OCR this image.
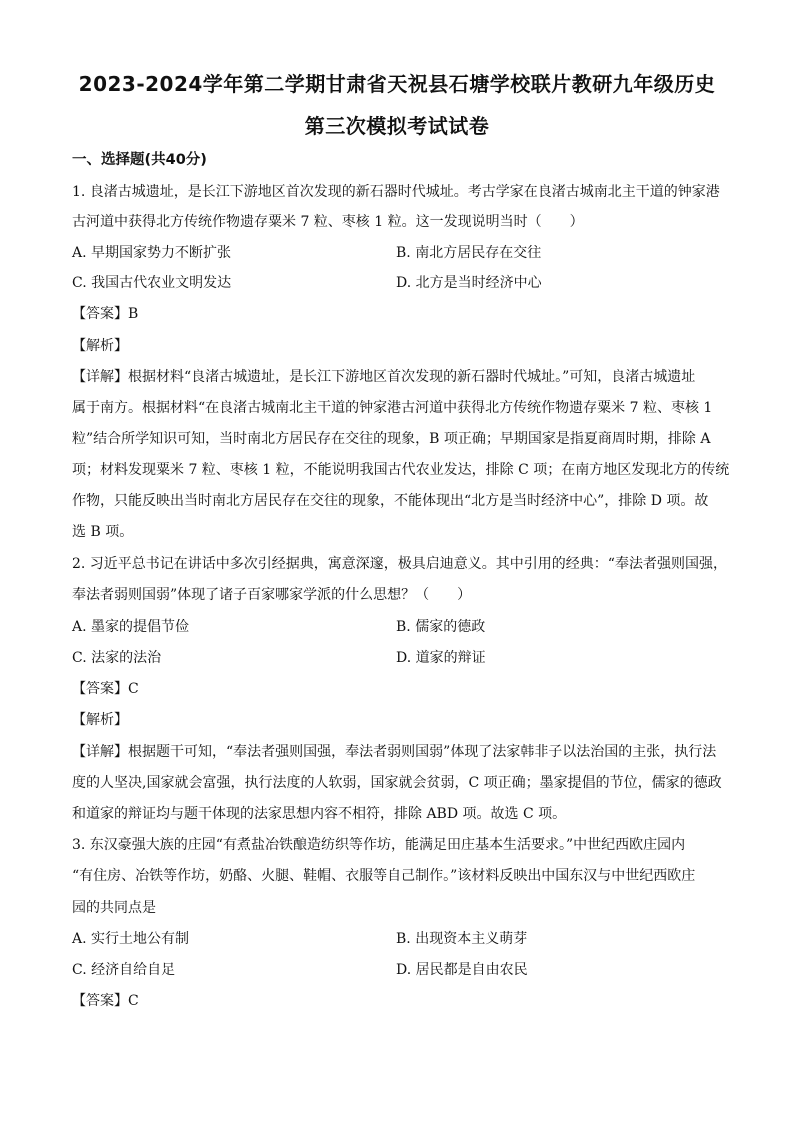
2023-2024学年第二学期甘肃省天祝县石塘学校联片教研九年级历史
第三次模拟考试试卷
一、选择题(共40分)
1. 良渚古城遗址，是长江下游地区首次发现的新石器时代城址。考古学家在良渚古城南北主干道的钟家港
古河道中获得北方传统作物遗存粟米 7 粒、枣核 1 粒。这一发现说明当时（　　）
A. 早期国家势力不断扩张	B. 南北方居民存在交往
C. 我国古代农业文明发达	D. 北方是当时经济中心
【答案】B
【解析】
【详解】根据材料“良渚古城遗址，是长江下游地区首次发现的新石器时代城址。”可知，良渚古城遗址
属于南方。根据材料“在良渚古城南北主干道的钟家港古河道中获得北方传统作物遗存粟米 7 粒、枣核 1
粒”结合所学知识可知，当时南北方居民存在交往的现象，B 项正确；早期国家是指夏商周时期，排除 A
项；材料发现粟米 7 粒、枣核 1 粒，不能说明我国古代农业发达，排除 C 项；在南方地区发现北方的传统
作物，只能反映出当时南北方居民存在交往的现象，不能体现出“北方是当时经济中心”，排除 D 项。故
选 B 项。
2. 习近平总书记在讲话中多次引经据典，寓意深邃，极具启迪意义。其中引用的经典：“奉法者强则国强，
奉法者弱则国弱”体现了诸子百家哪家学派的什么思想？（　　）
A. 墨家的提倡节俭	B. 儒家的德政
C. 法家的法治	D. 道家的辩证
【答案】C
【解析】
【详解】根据题干可知，“奉法者强则国强，奉法者弱则国弱”体现了法家韩非子以法治国的主张，执行法
度的人坚决,国家就会富强，执行法度的人软弱，国家就会贫弱，C 项正确；墨家提倡的节位，儒家的德政
和道家的辩证均与题干体现的法家思想内容不相符，排除 ABD 项。故选 C 项。
3. 东汉豪强大族的庄园“有煮盐冶铁酿造纺织等作坊，能满足田庄基本生活要求。”中世纪西欧庄园内
“有住房、冶铁等作坊，奶酪、火腿、鞋帽、衣服等自己制作。”该材料反映出中国东汉与中世纪西欧庄
园的共同点是
A. 实行土地公有制	B. 出现资本主义萌芽
C. 经济自给自足	D. 居民都是自由农民
【答案】C
